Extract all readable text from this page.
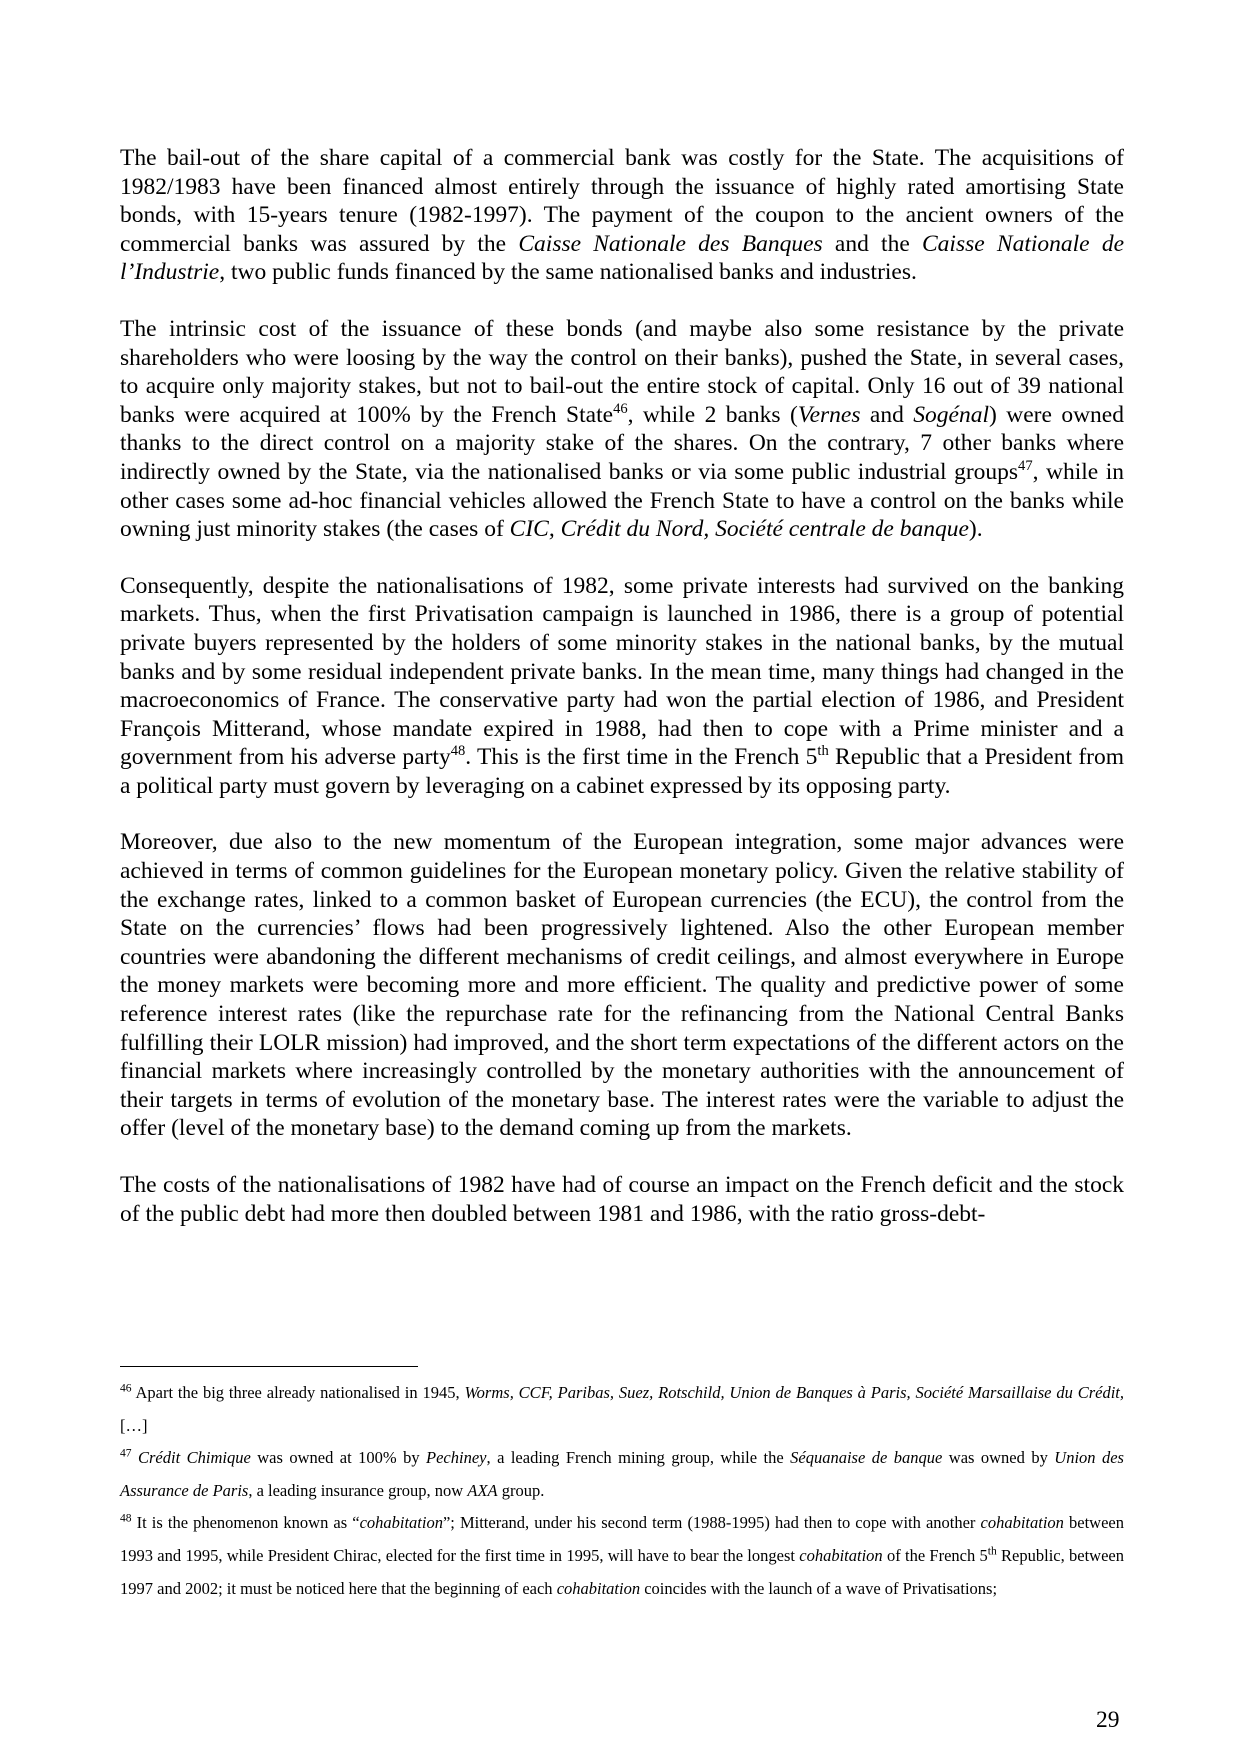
The bail-out of the share capital of a commercial bank was costly for the State. The acquisitions of 1982/1983 have been financed almost entirely through the issuance of highly rated amortising State bonds, with 15-years tenure (1982-1997). The payment of the coupon to the ancient owners of the commercial banks was assured by the Caisse Nationale des Banques and the Caisse Nationale de l’Industrie, two public funds financed by the same nationalised banks and industries.

The intrinsic cost of the issuance of these bonds (and maybe also some resistance by the private shareholders who were loosing by the way the control on their banks), pushed the State, in several cases, to acquire only majority stakes, but not to bail-out the entire stock of capital. Only 16 out of 39 national banks were acquired at 100% by the French State$^{46}$, while 2 banks (Vernes and Sogénal) were owned thanks to the direct control on a majority stake of the shares. On the contrary, 7 other banks where indirectly owned by the State, via the nationalised banks or via some public industrial groups$^{47}$, while in other cases some ad-hoc financial vehicles allowed the French State to have a control on the banks while owning just minority stakes (the cases of CIC, Crédit du Nord, Société centrale de banque).

Consequently, despite the nationalisations of 1982, some private interests had survived on the banking markets. Thus, when the first Privatisation campaign is launched in 1986, there is a group of potential private buyers represented by the holders of some minority stakes in the national banks, by the mutual banks and by some residual independent private banks. In the mean time, many things had changed in the macroeconomics of France. The conservative party had won the partial election of 1986, and President François Mitterand, whose mandate expired in 1988, had then to cope with a Prime minister and a government from his adverse party$^{48}$. This is the first time in the French 5th Republic that a President from a political party must govern by leveraging on a cabinet expressed by its opposing party.

Moreover, due also to the new momentum of the European integration, some major advances were achieved in terms of common guidelines for the European monetary policy. Given the relative stability of the exchange rates, linked to a common basket of European currencies (the ECU), the control from the State on the currencies’ flows had been progressively lightened. Also the other European member countries were abandoning the different mechanisms of credit ceilings, and almost everywhere in Europe the money markets were becoming more and more efficient. The quality and predictive power of some reference interest rates (like the repurchase rate for the refinancing from the National Central Banks fulfilling their LOLR mission) had improved, and the short term expectations of the different actors on the financial markets where increasingly controlled by the monetary authorities with the announcement of their targets in terms of evolution of the monetary base. The interest rates were the variable to adjust the offer (level of the monetary base) to the demand coming up from the markets.

The costs of the nationalisations of 1982 have had of course an impact on the French deficit and the stock of the public debt had more then doubled between 1981 and 1986, with the ratio gross-debt-

$^{46}$ Apart the big three already nationalised in 1945, Worms, CCF, Paribas, Suez, Rotschild, Union de Banques à Paris, Société Marsaillaise du Crédit, […]

$^{47}$ Crédit Chimique was owned at 100% by Pechiney, a leading French mining group, while the Séquanaise de banque was owned by Union des Assurance de Paris, a leading insurance group, now AXA group.

$^{48}$ It is the phenomenon known as “cohabitation”; Mitterand, under his second term (1988-1995) had then to cope with another cohabitation between 1993 and 1995, while President Chirac, elected for the first time in 1995, will have to bear the longest cohabitation of the French 5th Republic, between 1997 and 2002; it must be noticed here that the beginning of each cohabitation coincides with the launch of a wave of Privatisations;

29
